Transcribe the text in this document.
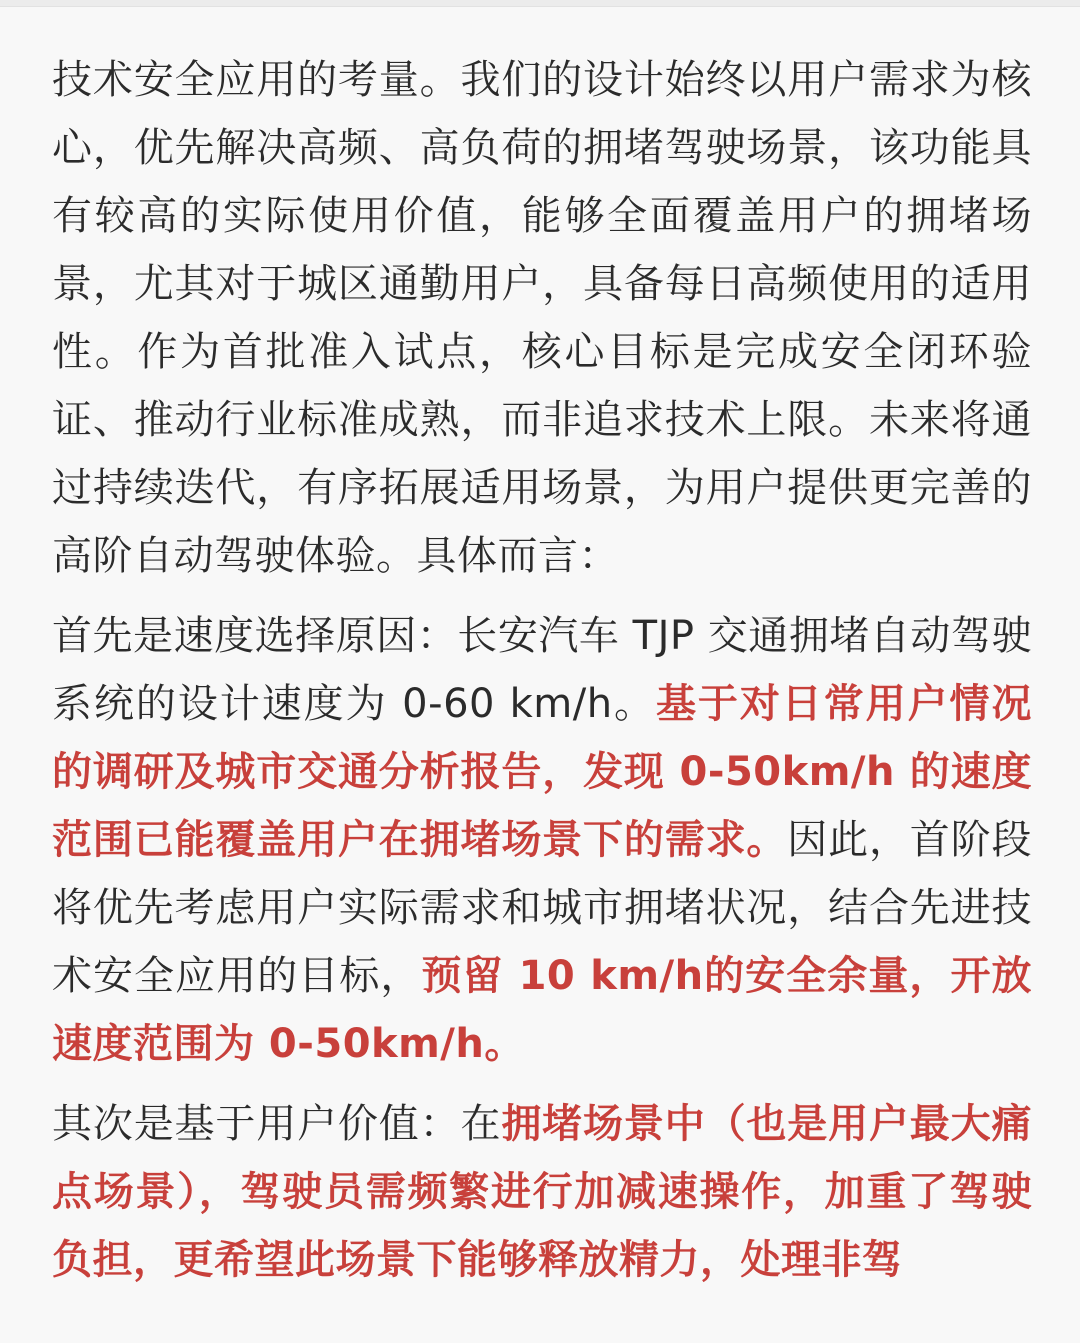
技术安全应用的考量。我们的设计始终以用户需求为核心，优先解决高频、高负荷的拥堵驾驶场景，该功能具有较高的实际使用价值，能够全面覆盖用户的拥堵场景，尤其对于城区通勤用户，具备每日高频使用的适用性。作为首批准入试点，核心目标是完成安全闭环验证、推动行业标准成熟，而非追求技术上限。未来将通过持续迭代，有序拓展适用场景，为用户提供更完善的高阶自动驾驶体验。具体而言：

首先是速度选择原因：长安汽车 TJP 交通拥堵自动驾驶系统的设计速度为 0-60 km/h。基于对日常用户情况的调研及城市交通分析报告，发现 0-50km/h 的速度范围已能覆盖用户在拥堵场景下的需求。因此，首阶段将优先考虑用户实际需求和城市拥堵状况，结合先进技术安全应用的目标，预留 10 km/h的安全余量，开放速度范围为 0-50km/h。

其次是基于用户价值：在拥堵场景中（也是用户最大痛点场景），驾驶员需频繁进行加减速操作，加重了驾驶负担，更希望此场景下能够释放精力，处理非驾
